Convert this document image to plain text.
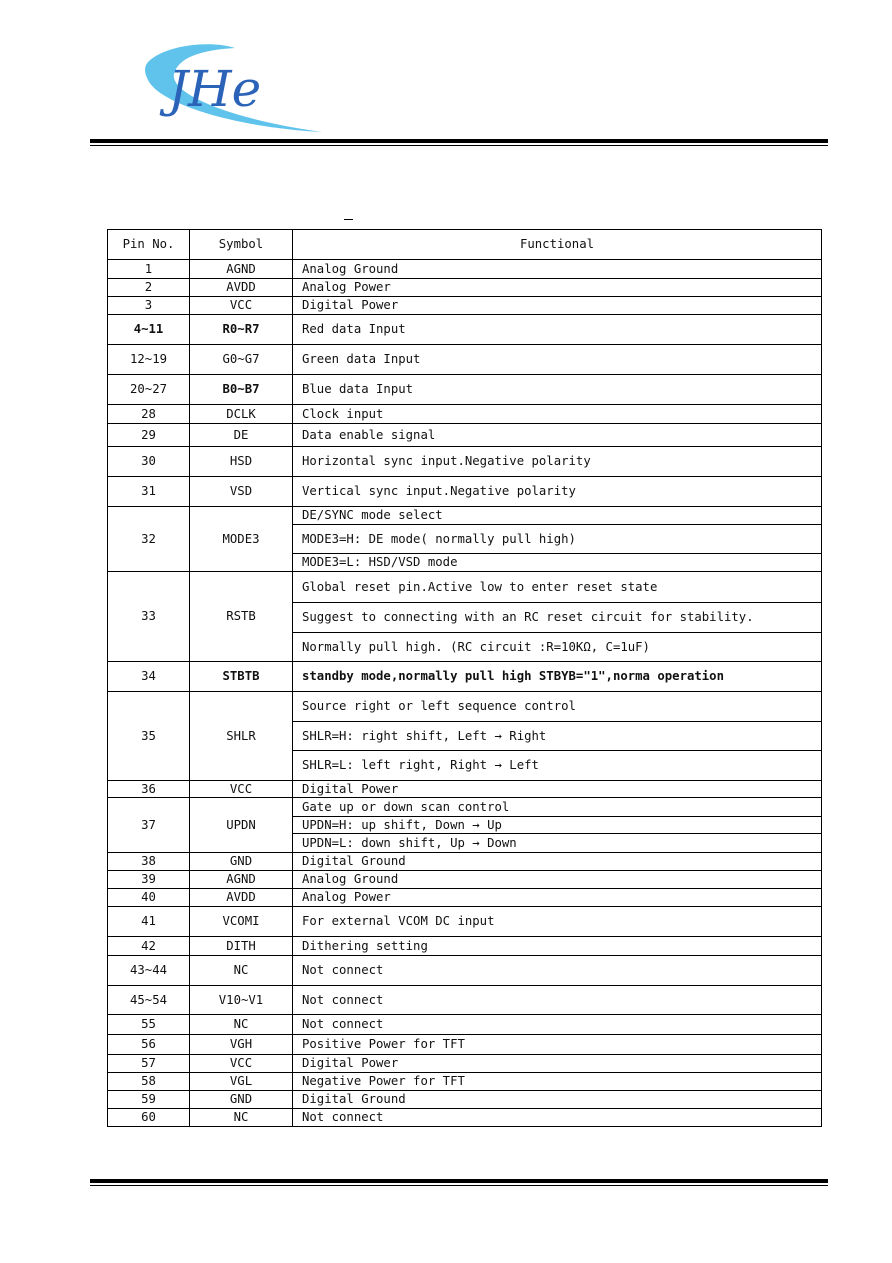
JHe
Pin No.	Symbol	Functional
1	AGND	Analog Ground
2	AVDD	Analog Power
3	VCC	Digital Power
4~11	R0~R7	Red data Input
12~19	G0~G7	Green data Input
20~27	B0~B7	Blue data Input
28	DCLK	Clock input
29	DE	Data enable signal
30	HSD	Horizontal sync input.Negative polarity
31	VSD	Vertical sync input.Negative polarity
32	MODE3	DE/SYNC mode select
		MODE3=H: DE mode( normally pull high)
		MODE3=L: HSD/VSD mode
33	RSTB	Global reset pin.Active low to enter reset state
		Suggest to connecting with an RC reset circuit for stability.
		Normally pull high. (RC circuit :R=10KΩ, C=1uF)
34	STBTB	standby mode,normally pull high STBYB="1",norma operation
35	SHLR	Source right or left sequence control
		SHLR=H: right shift, Left → Right
		SHLR=L: left right, Right → Left
36	VCC	Digital Power
37	UPDN	Gate up or down scan control
		UPDN=H: up shift, Down → Up
		UPDN=L: down shift, Up → Down
38	GND	Digital Ground
39	AGND	Analog Ground
40	AVDD	Analog Power
41	VCOMI	For external VCOM DC input
42	DITH	Dithering setting
43~44	NC	Not connect
45~54	V10~V1	Not connect
55	NC	Not connect
56	VGH	Positive Power for TFT
57	VCC	Digital Power
58	VGL	Negative Power for TFT
59	GND	Digital Ground
60	NC	Not connect
